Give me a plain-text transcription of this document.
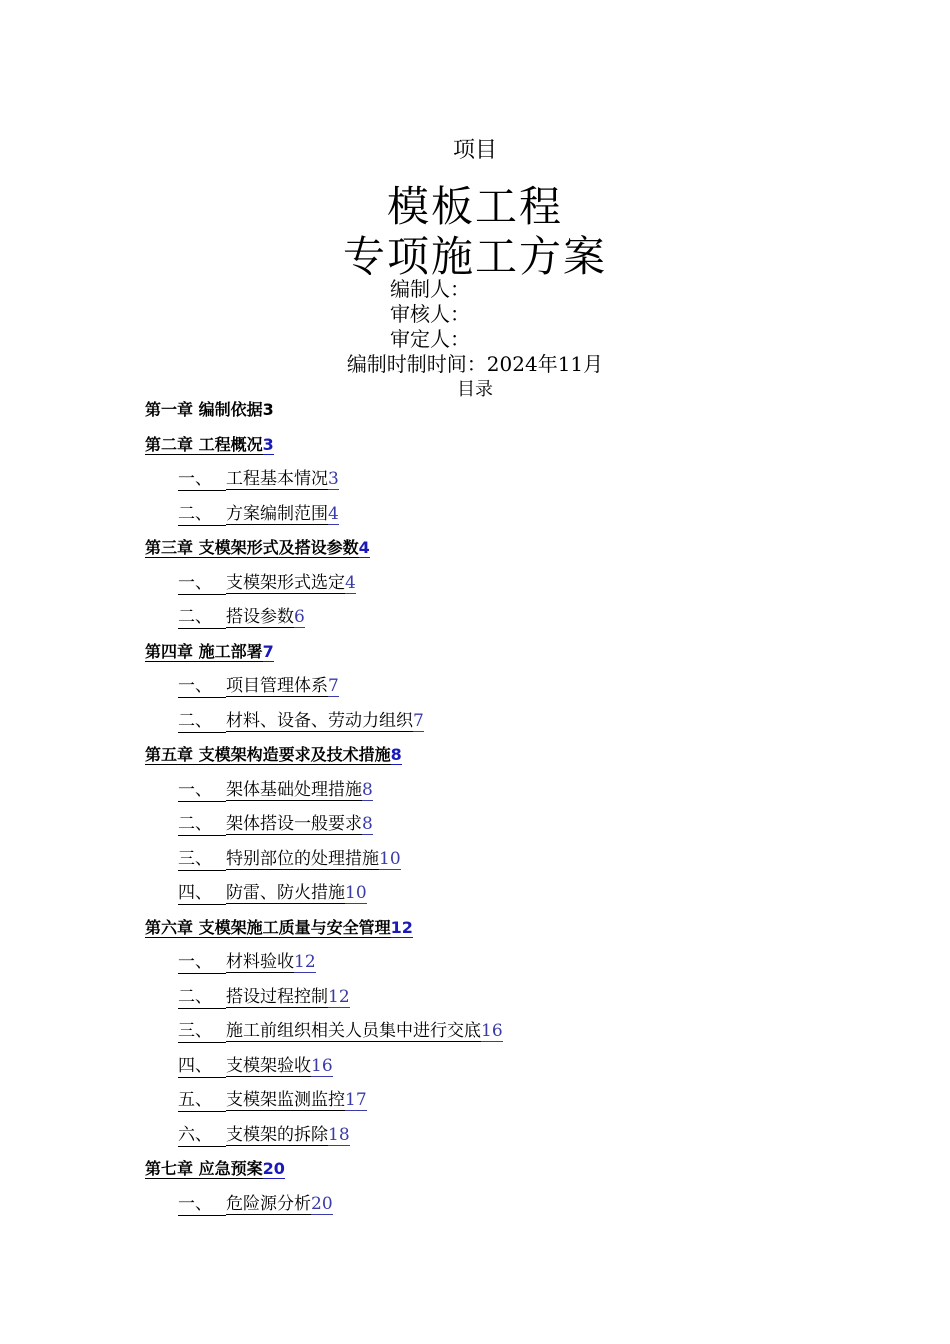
项目
模板工程
专项施工方案
编制人：
审核人：
审定人：
编制时制时间：2024年11月
目录
第一章 编制依据3
第二章 工程概况3
一、 工程基本情况3
二、 方案编制范围4
第三章 支模架形式及搭设参数4
一、 支模架形式选定4
二、 搭设参数6
第四章 施工部署7
一、 项目管理体系7
二、 材料、设备、劳动力组织7
第五章 支模架构造要求及技术措施8
一、 架体基础处理措施8
二、 架体搭设一般要求8
三、 特别部位的处理措施10
四、 防雷、防火措施10
第六章 支模架施工质量与安全管理12
一、 材料验收12
二、 搭设过程控制12
三、 施工前组织相关人员集中进行交底16
四、 支模架验收16
五、 支模架监测监控17
六、 支模架的拆除18
第七章 应急预案20
一、 危险源分析20
